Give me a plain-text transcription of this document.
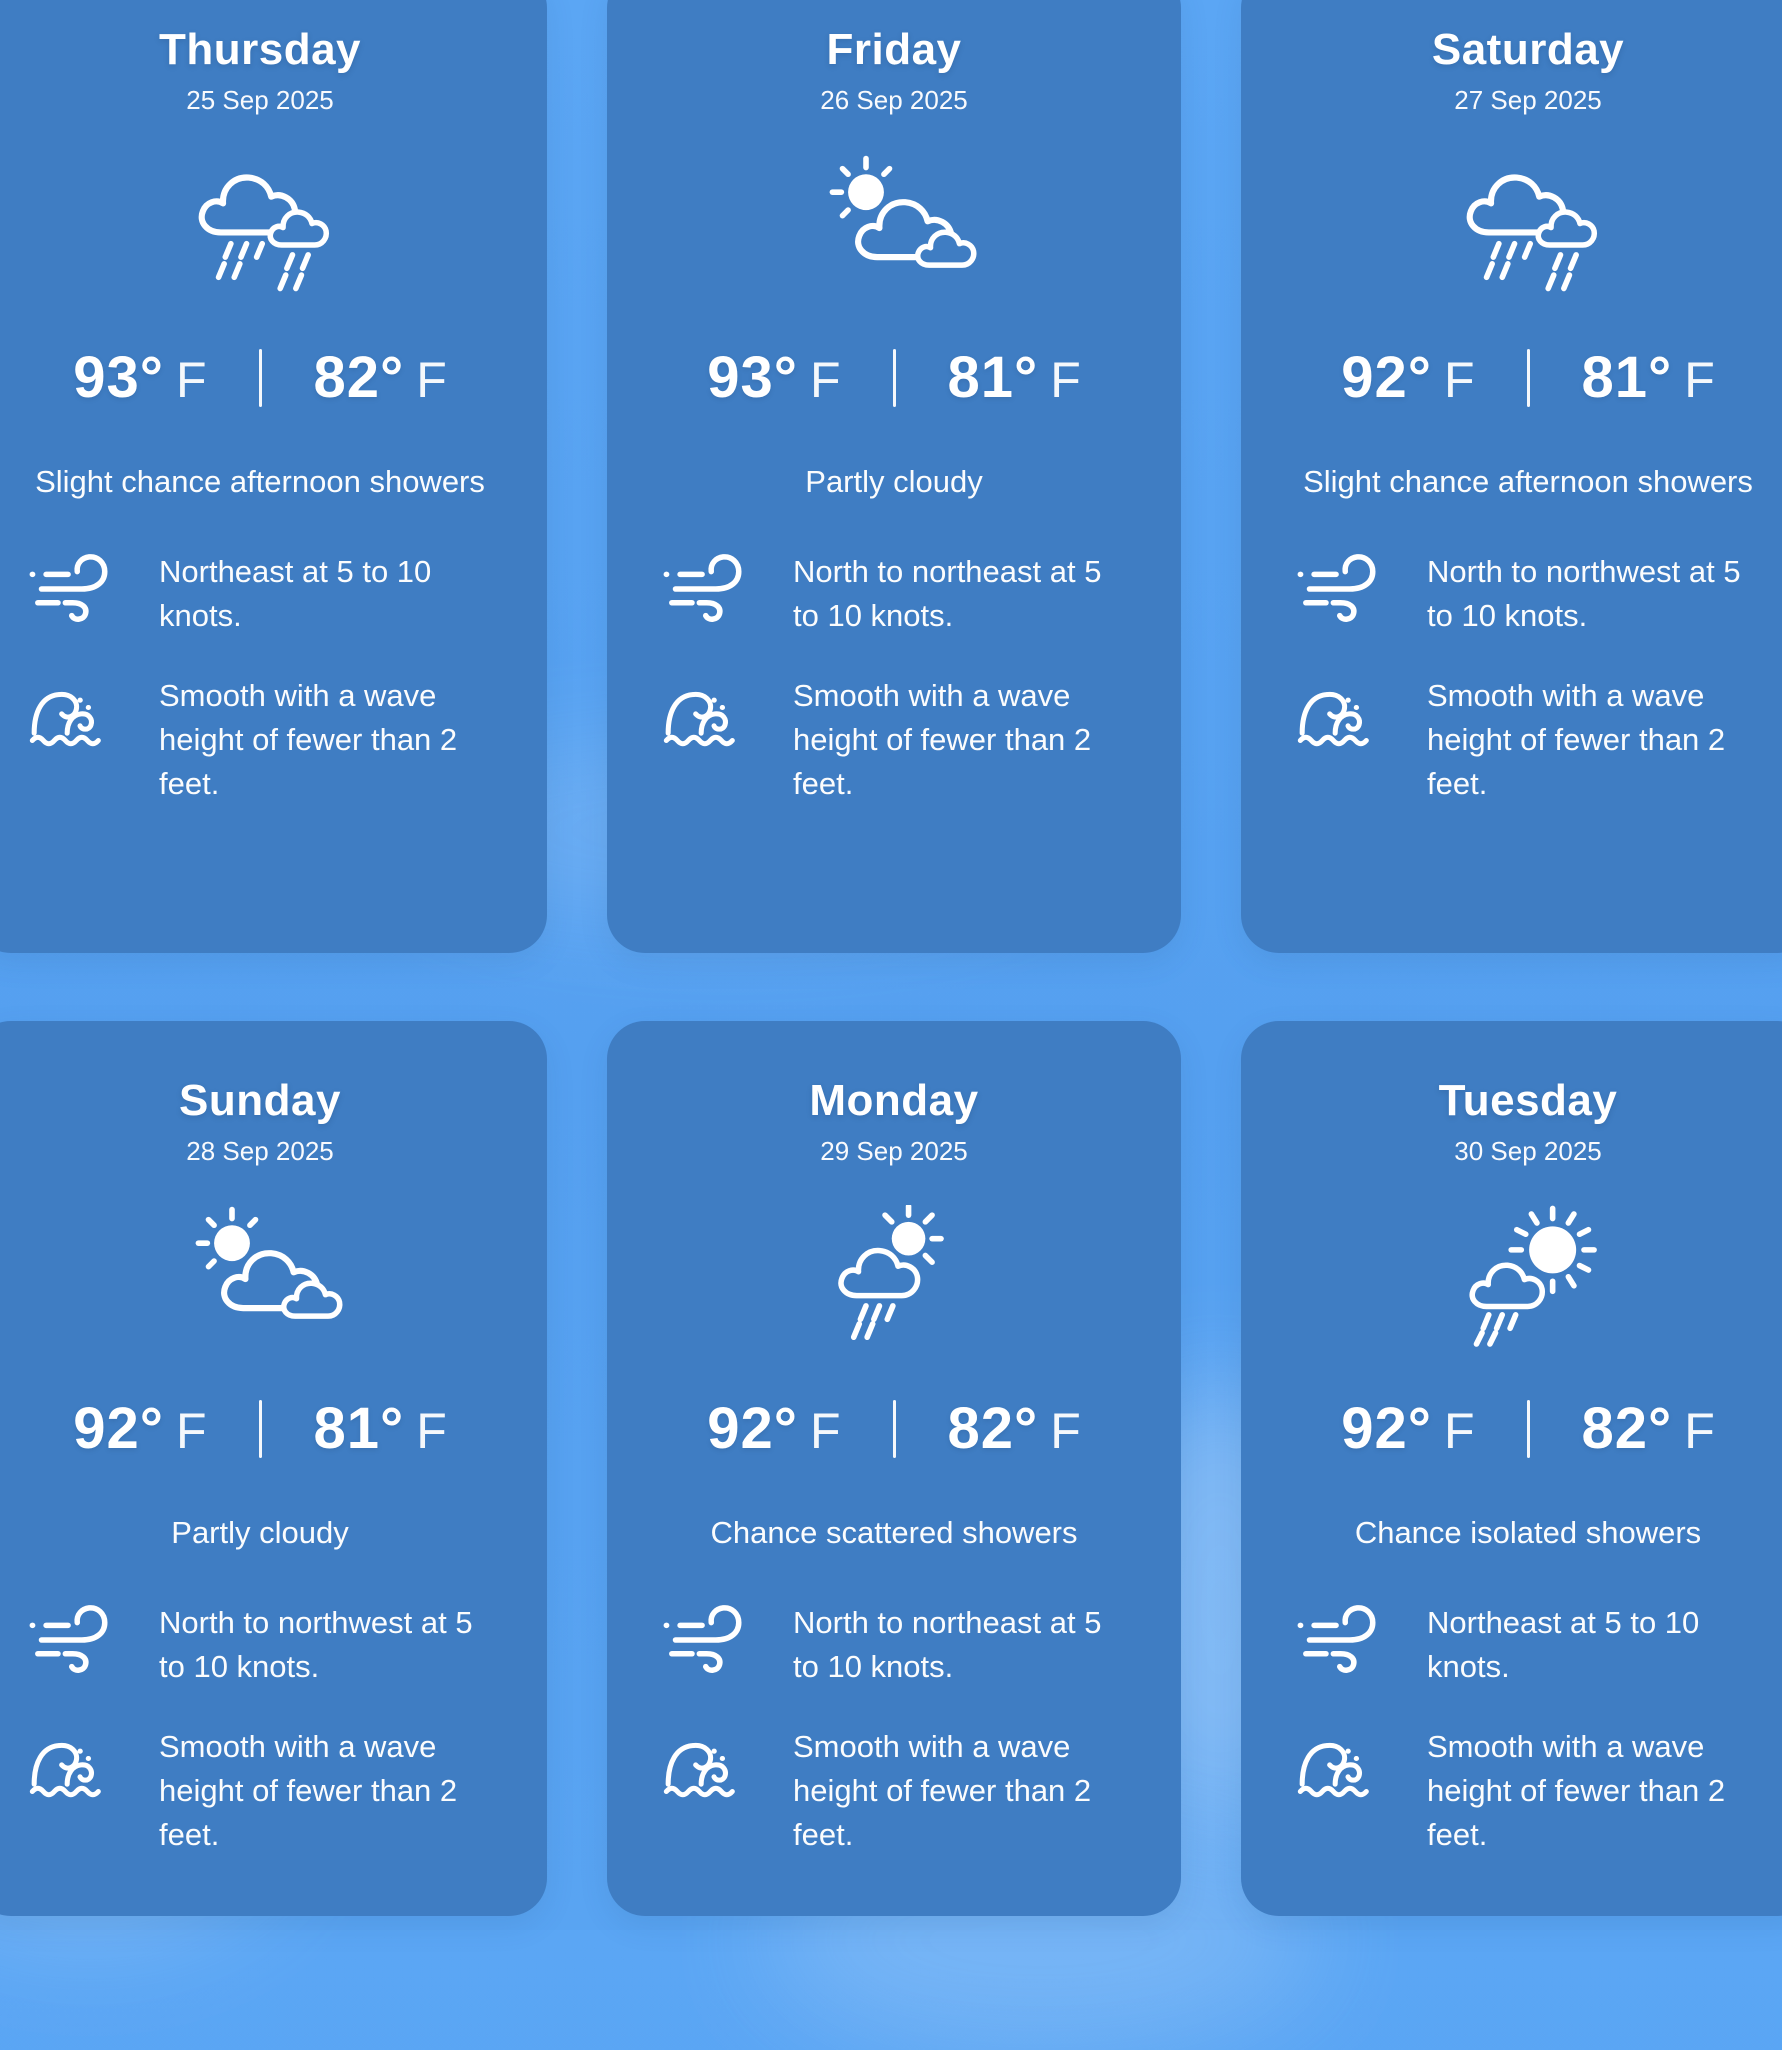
Thursday
25 Sep 2025
93° F 82° F
Slight chance afternoon showers
Northeast at 5 to 10 knots.
Smooth with a wave height of fewer than 2 feet.
Friday
26 Sep 2025
93° F 81° F
Partly cloudy
North to northeast at 5 to 10 knots.
Smooth with a wave height of fewer than 2 feet.
Saturday
27 Sep 2025
92° F 81° F
Slight chance afternoon showers
North to northwest at 5 to 10 knots.
Smooth with a wave height of fewer than 2 feet.
Sunday
28 Sep 2025
92° F 81° F
Partly cloudy
North to northwest at 5 to 10 knots.
Smooth with a wave height of fewer than 2 feet.
Monday
29 Sep 2025
92° F 82° F
Chance scattered showers
North to northeast at 5 to 10 knots.
Smooth with a wave height of fewer than 2 feet.
Tuesday
30 Sep 2025
92° F 82° F
Chance isolated showers
Northeast at 5 to 10 knots.
Smooth with a wave height of fewer than 2 feet.
